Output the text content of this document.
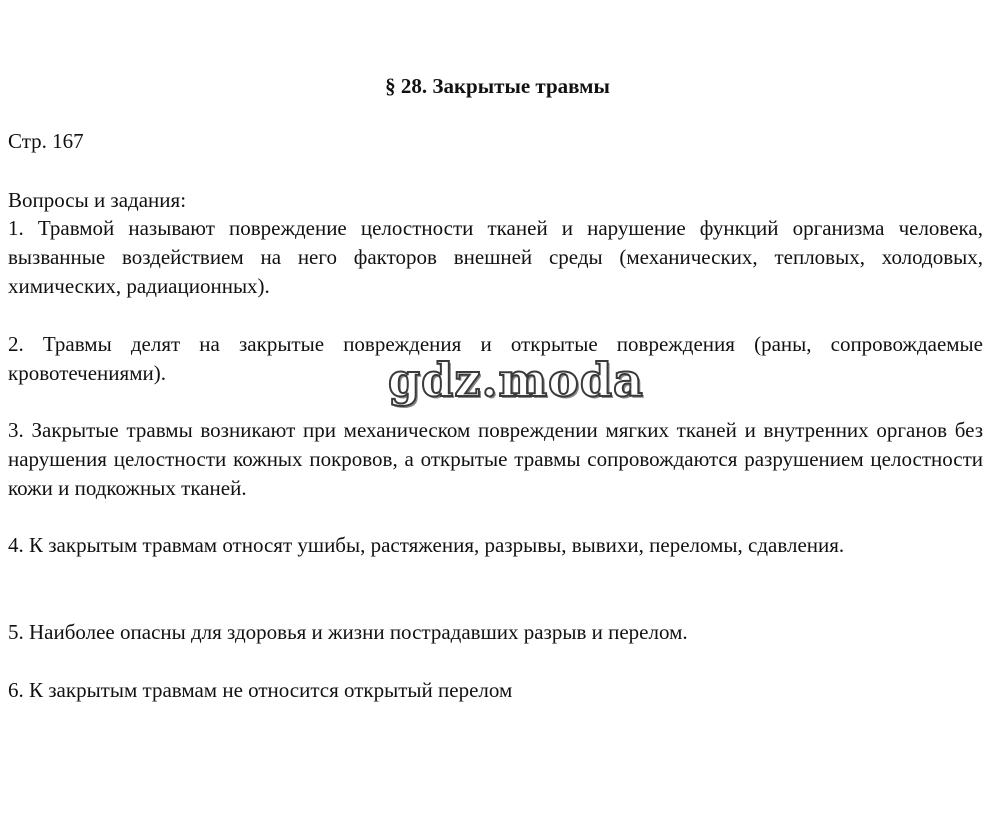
§ 28. Закрытые травмы
Стр. 167
Вопросы и задания:
1. Травмой называют повреждение целостности тканей и нарушение функций организма человека, вызванные воздействием на него факторов внешней среды (механических, тепловых, холодовых, химических, радиационных).
2. Травмы делят на закрытые повреждения и открытые повреждения (раны, сопровождаемые кровотечениями).
3. Закрытые травмы возникают при механическом повреждении мягких тканей и внутренних органов без нарушения целостности кожных покровов, а открытые травмы сопровождаются разрушением целостности кожи и подкожных тканей.
4. К закрытым травмам относят ушибы, растяжения, разрывы, вывихи, переломы, сдавления.
5. Наиболее опасны для здоровья и жизни пострадавших разрыв и перелом.
6. К закрытым травмам не относится открытый перелом
gdz.moda
